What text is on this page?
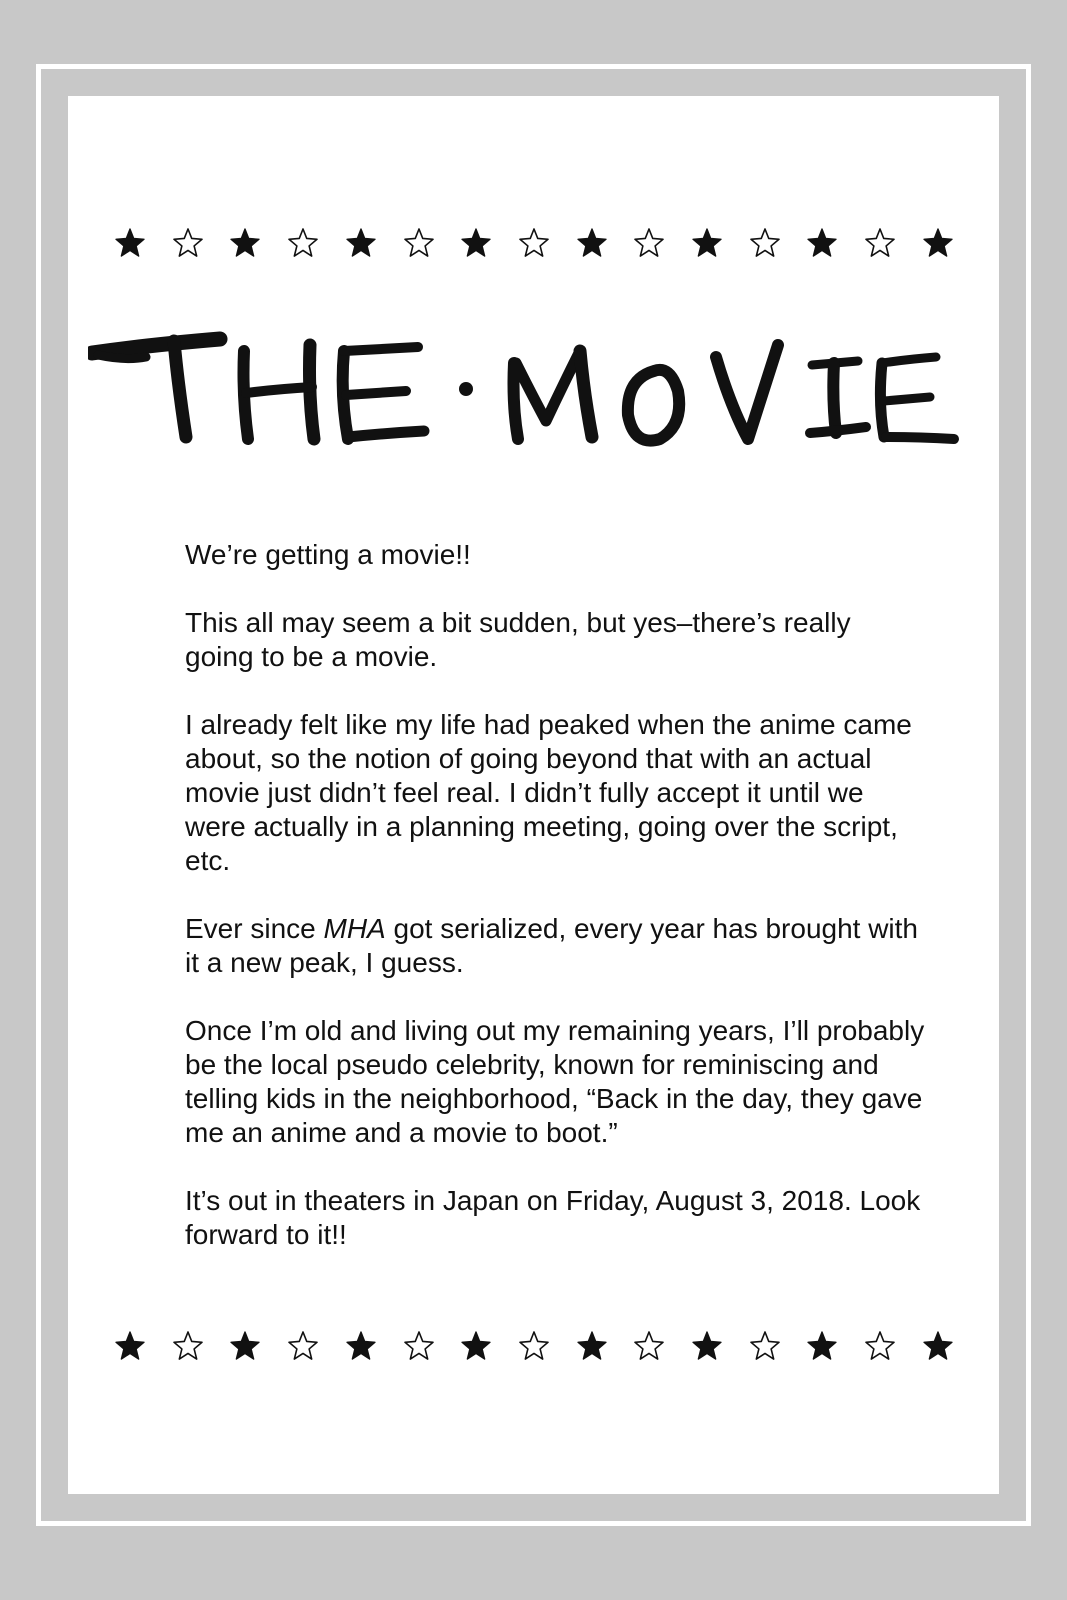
We’re getting a movie!!

This all may seem a bit sudden, but yes–there’s really going to be a movie.

I already felt like my life had peaked when the anime came about, so the notion of going beyond that with an actual movie just didn’t feel real. I didn’t fully accept it until we were actually in a planning meeting, going over the script, etc.

Ever since MHA got serialized, every year has brought with it a new peak, I guess.

Once I’m old and living out my remaining years, I’ll probably be the local pseudo celebrity, known for reminiscing and telling kids in the neighborhood, “Back in the day, they gave me an anime and a movie to boot.”

It’s out in theaters in Japan on Friday, August 3, 2018. Look forward to it!!
